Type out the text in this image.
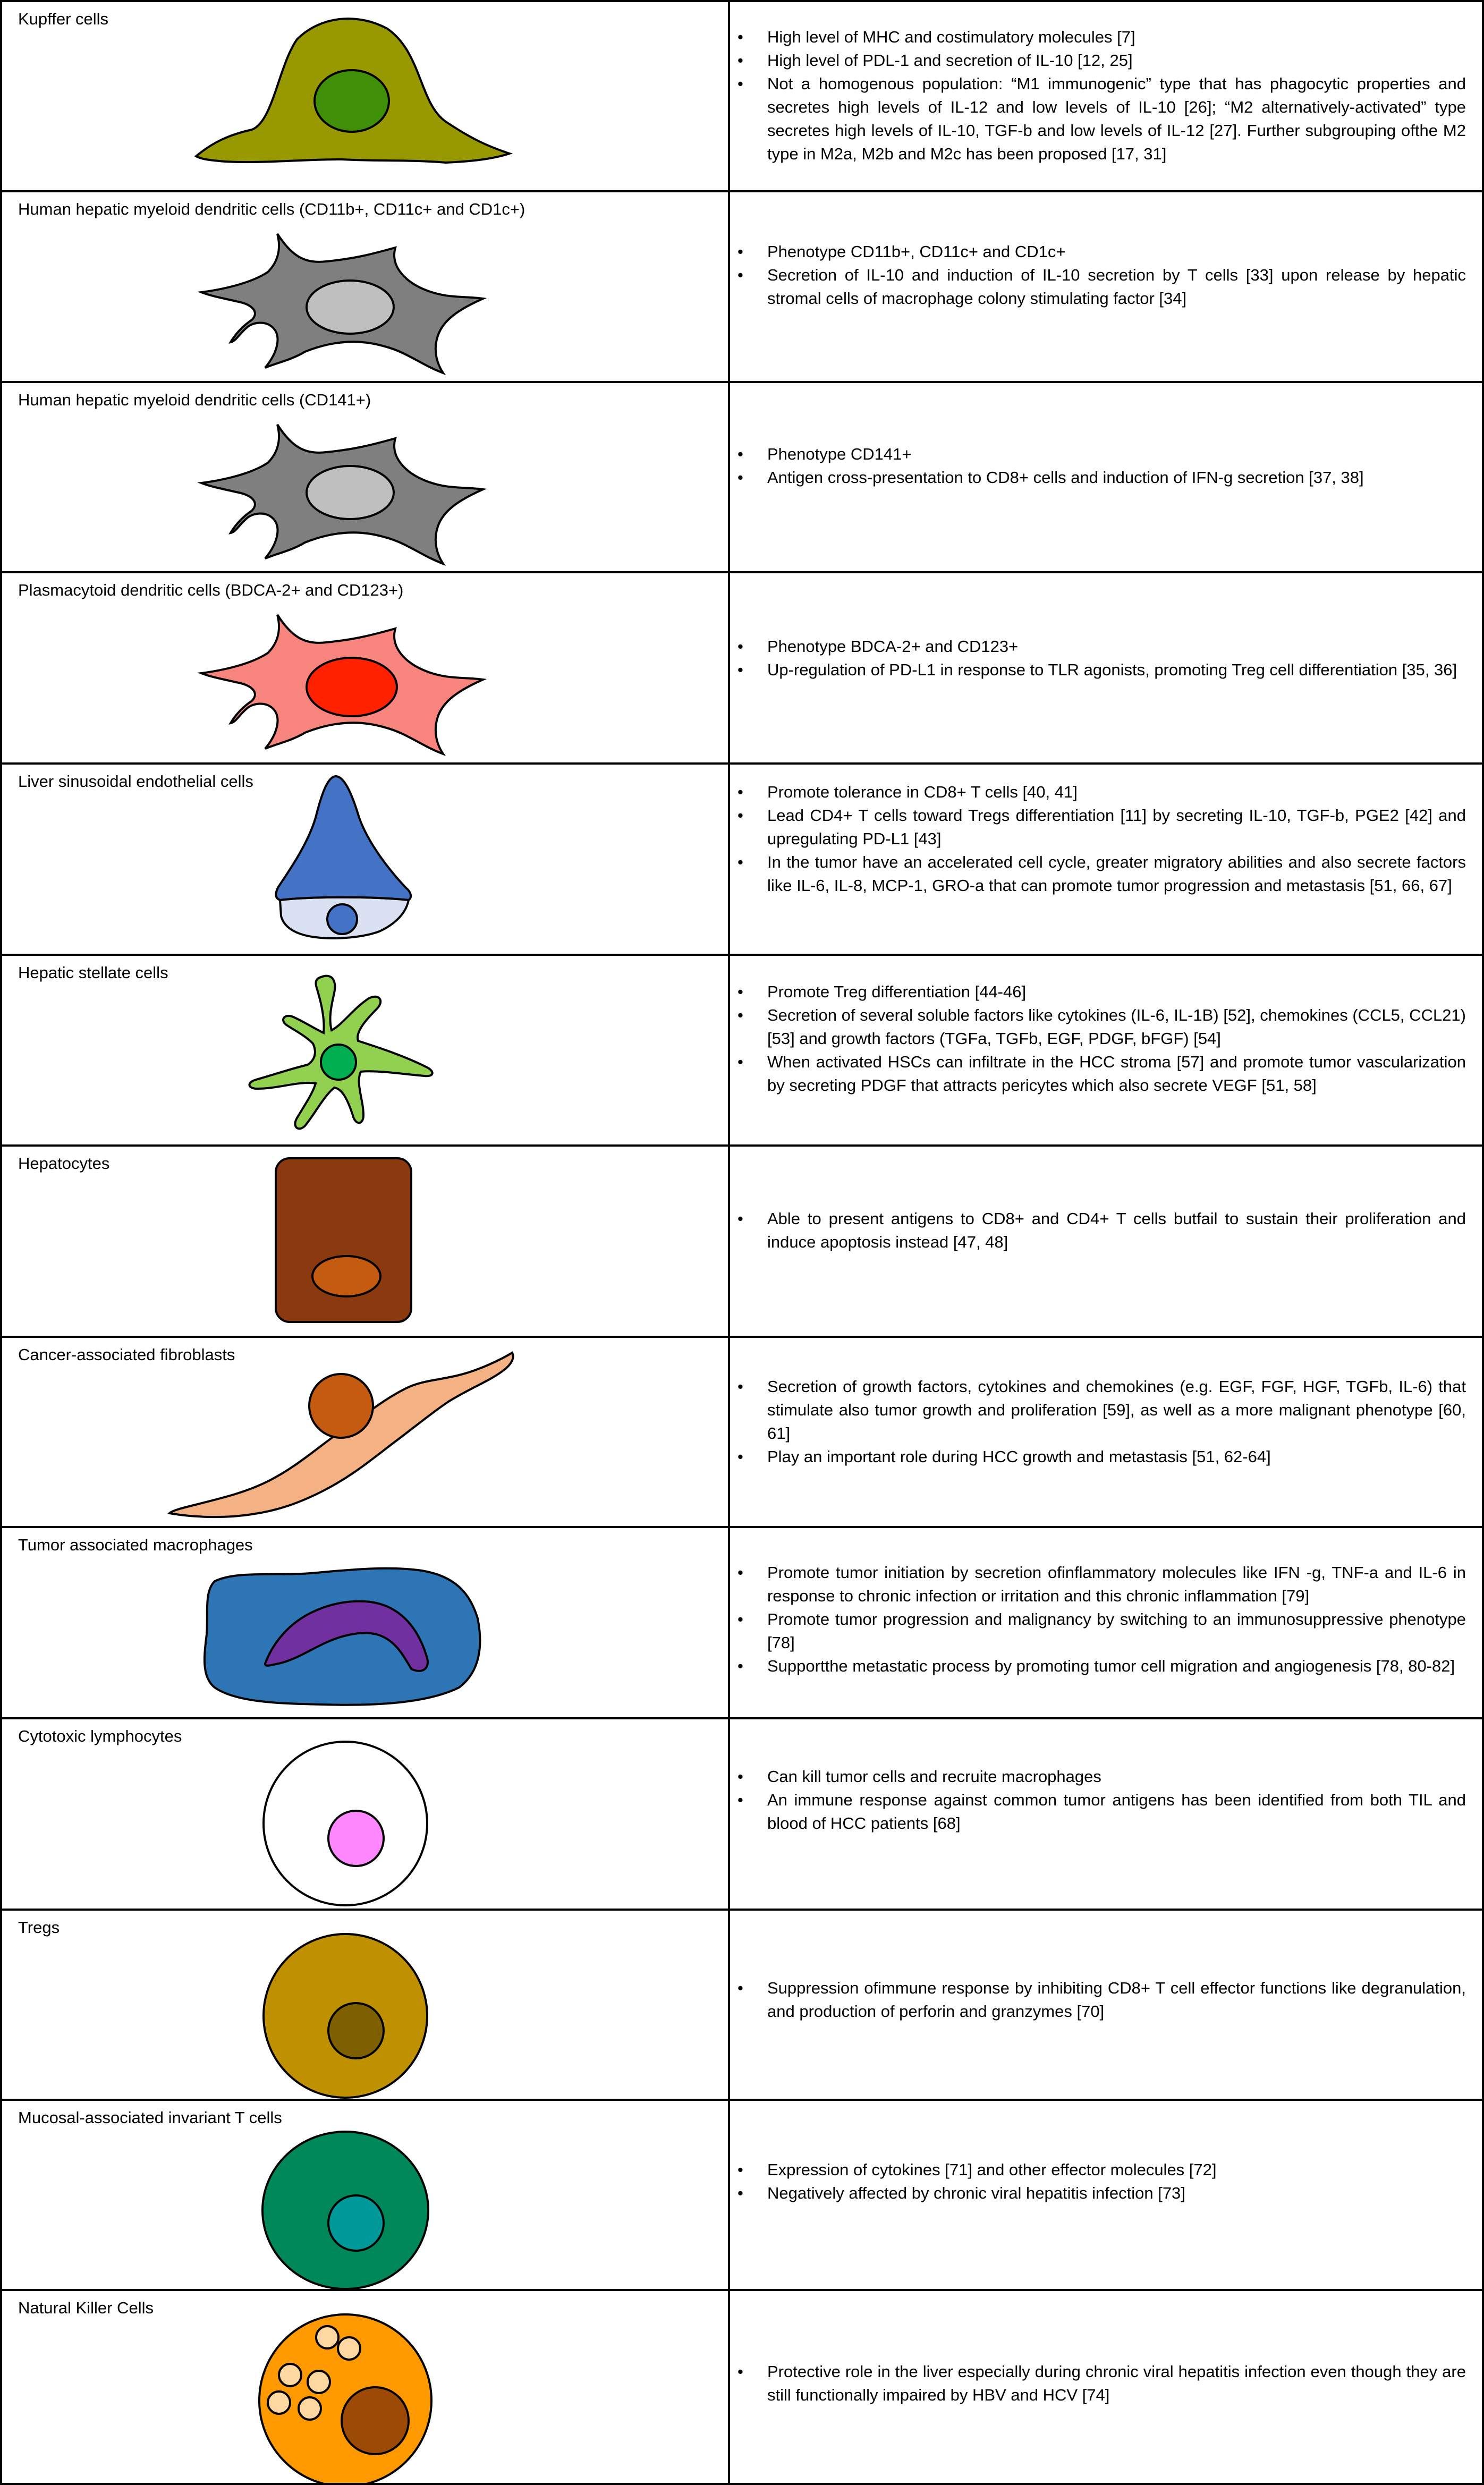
Kupffer cells
• High level of MHC and costimulatory molecules [7]
• High level of PDL-1 and secretion of IL-10 [12, 25]
• Not a homogenous population: “M1 immunogenic” type that has phagocytic properties and secretes high levels of IL-12 and low levels of IL-10 [26]; “M2 alternatively-activated” type secretes high levels of IL-10, TGF-b and low levels of IL-12 [27]. Further subgrouping ofthe M2 type in M2a, M2b and M2c has been proposed [17, 31]
Human hepatic myeloid dendritic cells (CD11b+, CD11c+ and CD1c+)
• Phenotype CD11b+, CD11c+ and CD1c+
• Secretion of IL-10 and induction of IL-10 secretion by T cells [33] upon release by hepatic stromal cells of macrophage colony stimulating factor [34]
Human hepatic myeloid dendritic cells (CD141+)
• Phenotype CD141+
• Antigen cross-presentation to CD8+ cells and induction of IFN-g secretion [37, 38]
Plasmacytoid dendritic cells (BDCA-2+ and CD123+)
• Phenotype BDCA-2+ and CD123+
• Up-regulation of PD-L1 in response to TLR agonists, promoting Treg cell differentiation [35, 36]
Liver sinusoidal endothelial cells
• Promote tolerance in CD8+ T cells [40, 41]
• Lead CD4+ T cells toward Tregs differentiation [11] by secreting IL-10, TGF-b, PGE2 [42] and upregulating PD-L1 [43]
• In the tumor have an accelerated cell cycle, greater migratory abilities and also secrete factors like IL-6, IL-8, MCP-1, GRO-a that can promote tumor progression and metastasis [51, 66, 67]
Hepatic stellate cells
• Promote Treg differentiation [44-46]
• Secretion of several soluble factors like cytokines (IL-6, IL-1B) [52], chemokines (CCL5, CCL21) [53] and growth factors (TGFa, TGFb, EGF, PDGF, bFGF) [54]
• When activated HSCs can infiltrate in the HCC stroma [57] and promote tumor vascularization by secreting PDGF that attracts pericytes which also secrete VEGF [51, 58]
Hepatocytes
• Able to present antigens to CD8+ and CD4+ T cells butfail to sustain their proliferation and induce apoptosis instead [47, 48]
Cancer-associated fibroblasts
• Secretion of growth factors, cytokines and chemokines (e.g. EGF, FGF, HGF, TGFb, IL-6) that stimulate also tumor growth and proliferation [59], as well as a more malignant phenotype [60, 61]
• Play an important role during HCC growth and metastasis [51, 62-64]
Tumor associated macrophages
• Promote tumor initiation by secretion ofinflammatory molecules like IFN -g, TNF-a and IL-6 in response to chronic infection or irritation and this chronic inflammation [79]
• Promote tumor progression and malignancy by switching to an immunosuppressive phenotype [78]
• Supportthe metastatic process by promoting tumor cell migration and angiogenesis [78, 80-82]
Cytotoxic lymphocytes
• Can kill tumor cells and recruite macrophages
• An immune response against common tumor antigens has been identified from both TIL and blood of HCC patients [68]
Tregs
• Suppression ofimmune response by inhibiting CD8+ T cell effector functions like degranulation, and production of perforin and granzymes [70]
Mucosal-associated invariant T cells
• Expression of cytokines [71] and other effector molecules [72]
• Negatively affected by chronic viral hepatitis infection [73]
Natural Killer Cells
• Protective role in the liver especially during chronic viral hepatitis infection even though they are still functionally impaired by HBV and HCV [74]
